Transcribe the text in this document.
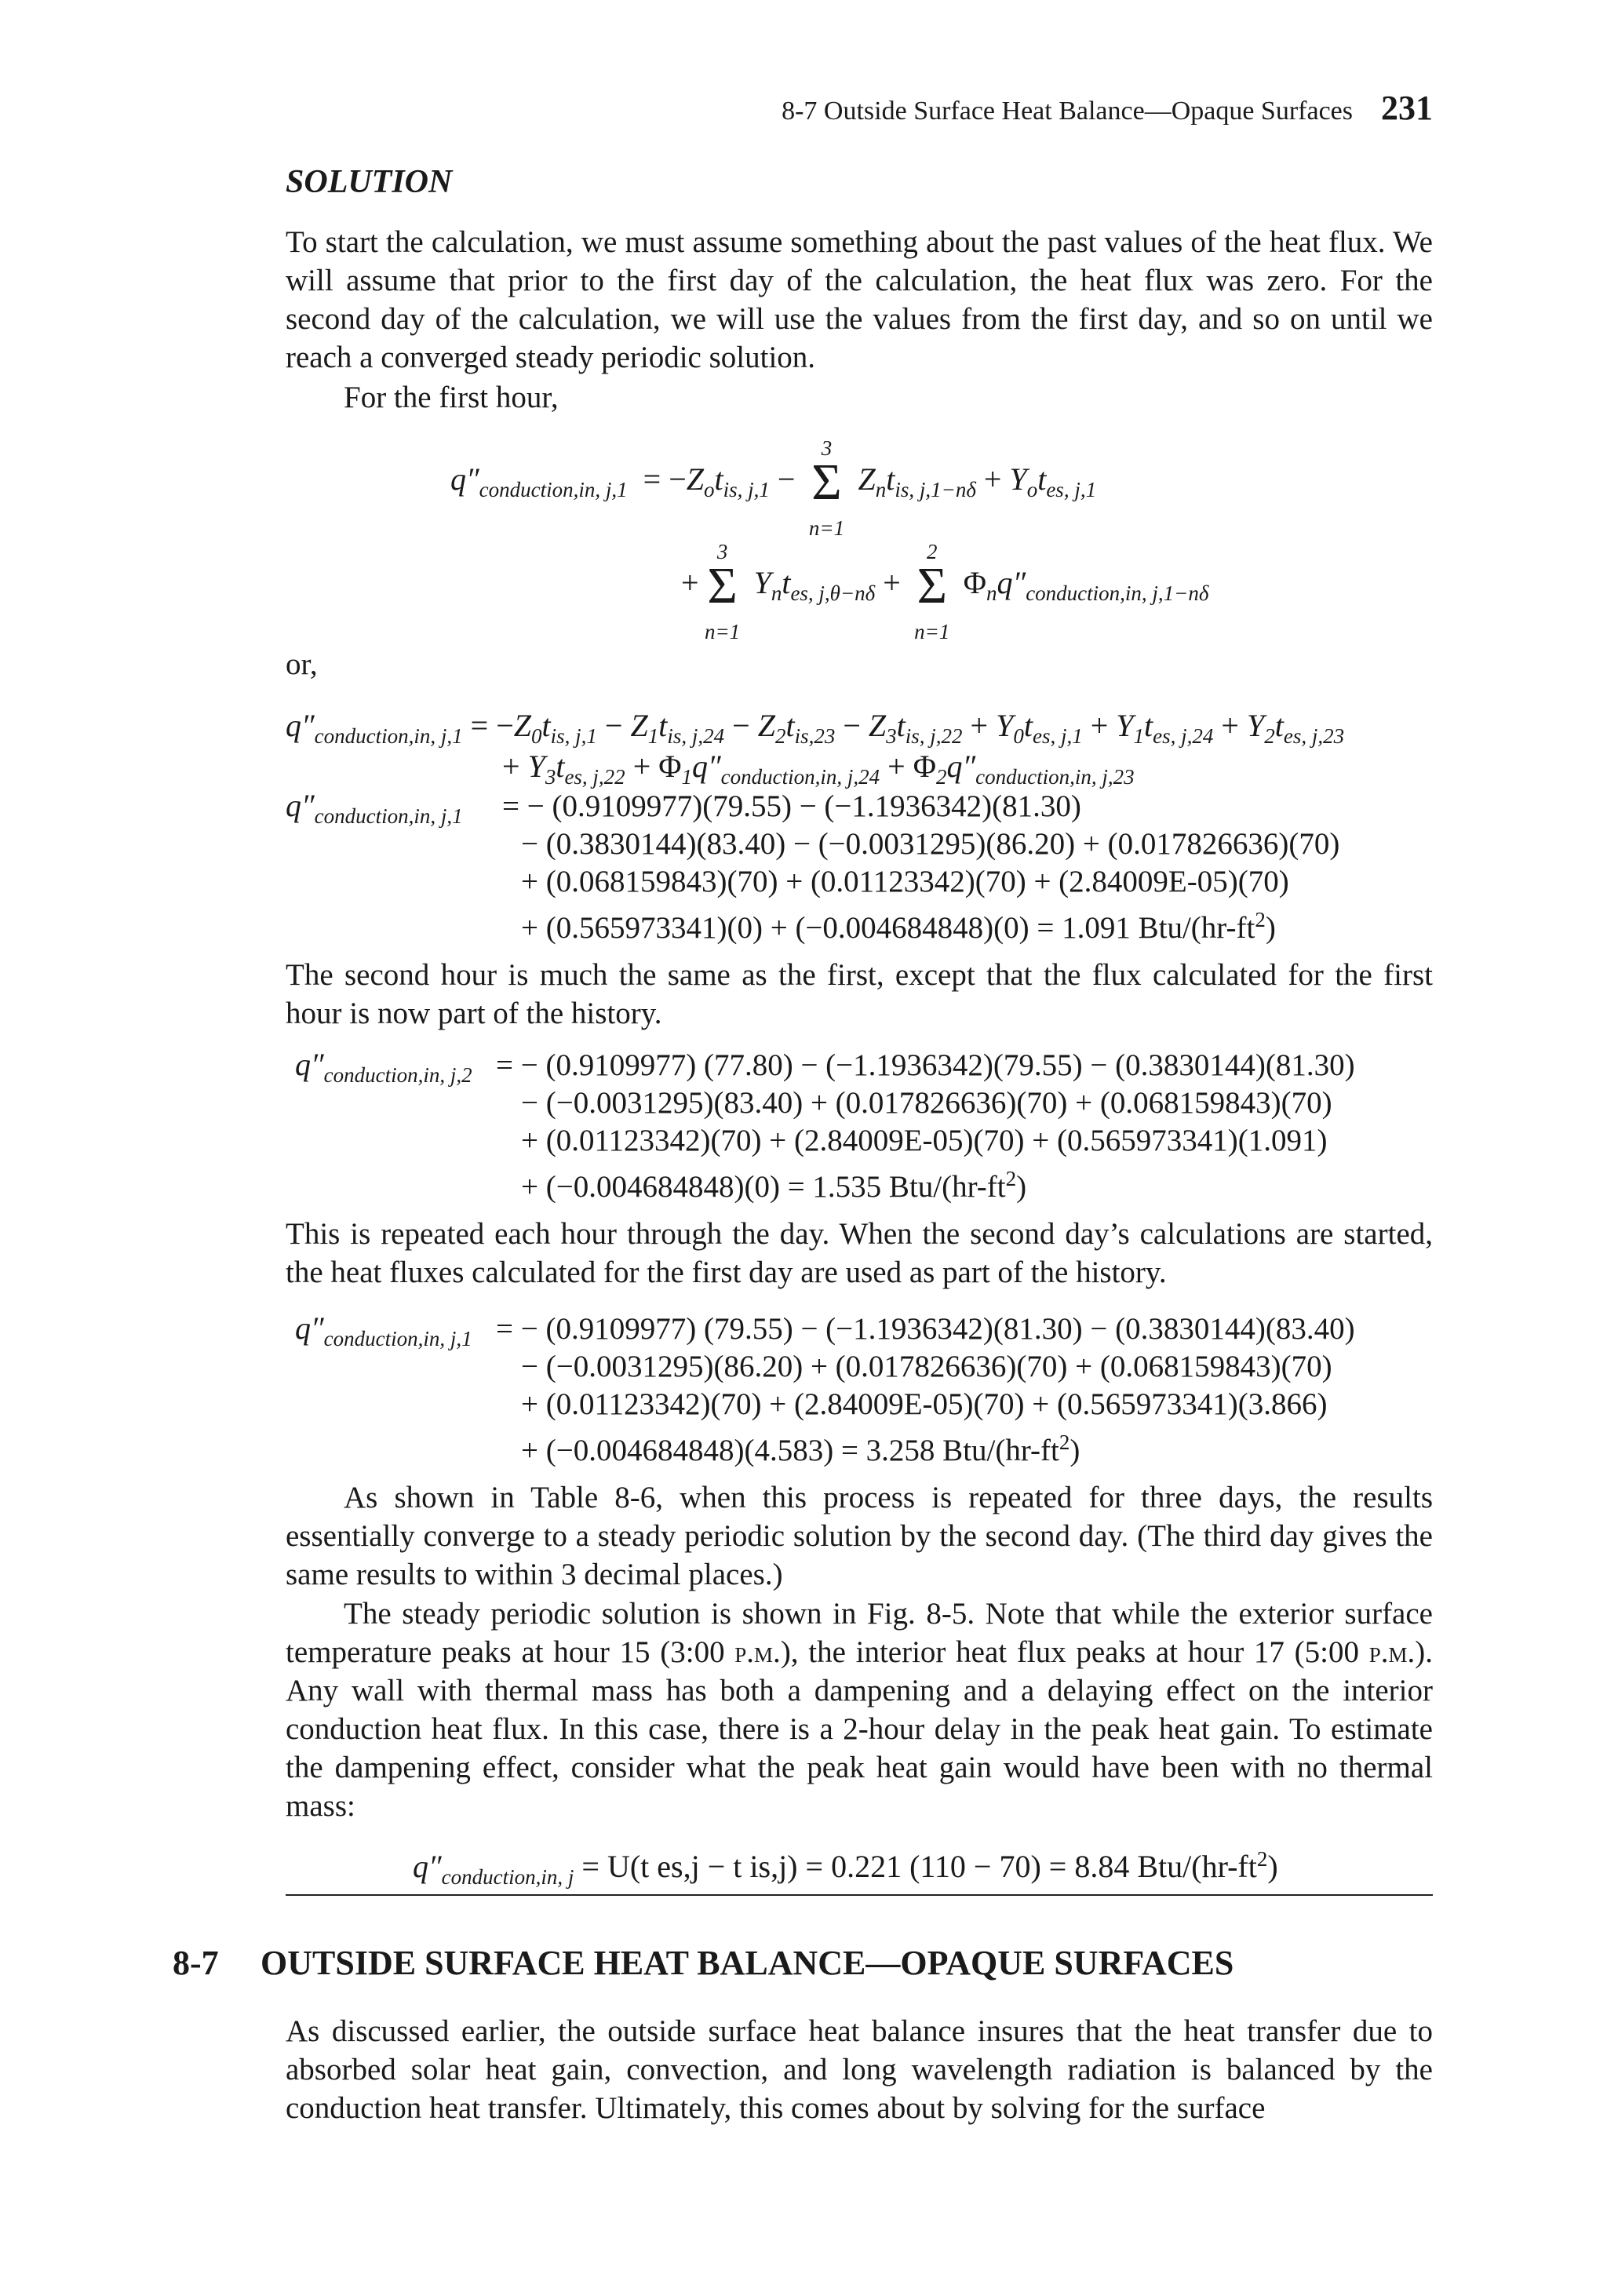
8-7 Outside Surface Heat Balance—Opaque Surfaces 231
SOLUTION

To start the calculation, we must assume something about the past values of the heat flux. We will assume that prior to the first day of the calculation, the heat flux was zero. For the second day of the calculation, we will use the values from the first day, and so on until we reach a converged steady periodic solution.

For the first hour,

$q''_{conduction,in, j,1} = -Z_ot_{is, j,1}$ −
3
Σ
n=1
$Z_nt_{is, j,1-n\delta} + Y_ot_{es, j,1}$
+
3
Σ
n=1
$Y_nt_{es, j,\theta-n\delta}$ +
2
Σ
n=1
$\Phi_nq''_{conduction,in, j,1-n\delta}$

or,

$q''_{conduction,in, j,1} = -Z_0t_{is, j,1} - Z_1t_{is, j,24} - Z_2t_{is,23} - Z_3t_{is, j,22} + Y_0t_{es, j,1} + Y_1t_{es, j,24} + Y_2t_{es, j,23}$
+ $Y_3t_{es, j,22} + \Phi_1q''_{conduction,in, j,24} + \Phi_2q''_{conduction,in, j,23}$
$q''_{conduction,in, j,1}$ = − (0.9109977)(79.55) − (−1.1936342)(81.30)
− (0.3830144)(83.40) − (−0.0031295)(86.20) + (0.017826636)(70)
+ (0.068159843)(70) + (0.01123342)(70) + (2.84009E-05)(70)
+ (0.565973341)(0) + (−0.004684848)(0) = 1.091 Btu/$(hr-ft^2)$

The second hour is much the same as the first, except that the flux calculated for the first hour is now part of the history.

$q''_{conduction,in, j,2}$ = − (0.9109977) (77.80) − (−1.1936342)(79.55) − (0.3830144)(81.30)
− (−0.0031295)(83.40) + (0.017826636)(70) + (0.068159843)(70)
+ (0.01123342)(70) + (2.84009E-05)(70) + (0.565973341)(1.091)
+ (−0.004684848)(0) = 1.535 Btu/$(hr-ft^2)$

This is repeated each hour through the day. When the second day’s calculations are started, the heat fluxes calculated for the first day are used as part of the history.

$q''_{conduction,in, j,1}$ = − (0.9109977) (79.55) − (−1.1936342)(81.30) − (0.3830144)(83.40)
− (−0.0031295)(86.20) + (0.017826636)(70) + (0.068159843)(70)
+ (0.01123342)(70) + (2.84009E-05)(70) + (0.565973341)(3.866)
+ (−0.004684848)(4.583) = 3.258 Btu/$(hr-ft^2)$

As shown in Table 8-6, when this process is repeated for three days, the results essentially converge to a steady periodic solution by the second day. (The third day gives the same results to within 3 decimal places.)

The steady periodic solution is shown in Fig. 8-5. Note that while the exterior surface temperature peaks at hour 15 (3:00 p.m.), the interior heat flux peaks at hour 17 (5:00 p.m.). Any wall with thermal mass has both a dampening and a delaying effect on the interior conduction heat flux. In this case, there is a 2-hour delay in the peak heat gain. To estimate the dampening effect, consider what the peak heat gain would have been with no thermal mass:

$q''_{conduction,in, j} = U(t$ es,j − t is,j) = 0.221 (110 − 70) = 8.84 Btu/$(hr-ft^2)$
8-7 OUTSIDE SURFACE HEAT BALANCE—OPAQUE SURFACES

As discussed earlier, the outside surface heat balance insures that the heat transfer due to absorbed solar heat gain, convection, and long wavelength radiation is balanced by the conduction heat transfer. Ultimately, this comes about by solving for the surface
